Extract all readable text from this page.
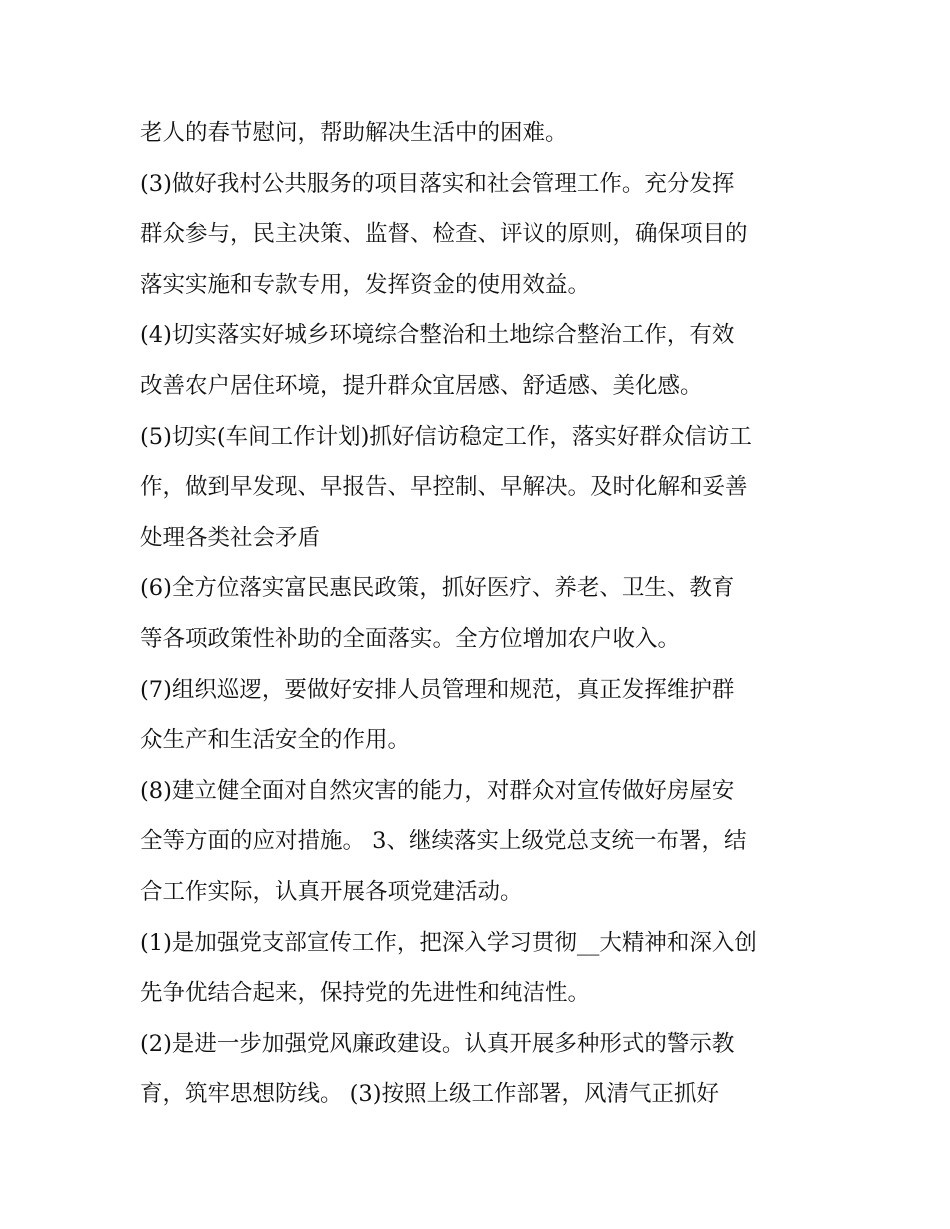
老人的春节慰问，帮助解决生活中的困难。
(3)做好我村公共服务的项目落实和社会管理工作。充分发挥
群众参与，民主决策、监督、检查、评议的原则，确保项目的
落实实施和专款专用，发挥资金的使用效益。
(4)切实落实好城乡环境综合整治和土地综合整治工作，有效
改善农户居住环境，提升群众宜居感、舒适感、美化感。
(5)切实(车间工作计划)抓好信访稳定工作，落实好群众信访工
作，做到早发现、早报告、早控制、早解决。及时化解和妥善
处理各类社会矛盾
(6)全方位落实富民惠民政策，抓好医疗、养老、卫生、教育
等各项政策性补助的全面落实。全方位增加农户收入。
(7)组织巡逻，要做好安排人员管理和规范，真正发挥维护群
众生产和生活安全的作用。
(8)建立健全面对自然灾害的能力，对群众对宣传做好房屋安
全等方面的应对措施。 3、继续落实上级党总支统一布署，结
合工作实际，认真开展各项党建活动。
(1)是加强党支部宣传工作，把深入学习贯彻__大精神和深入创
先争优结合起来，保持党的先进性和纯洁性。
(2)是进一步加强党风廉政建设。认真开展多种形式的警示教
育，筑牢思想防线。 (3)按照上级工作部署，风清气正抓好
